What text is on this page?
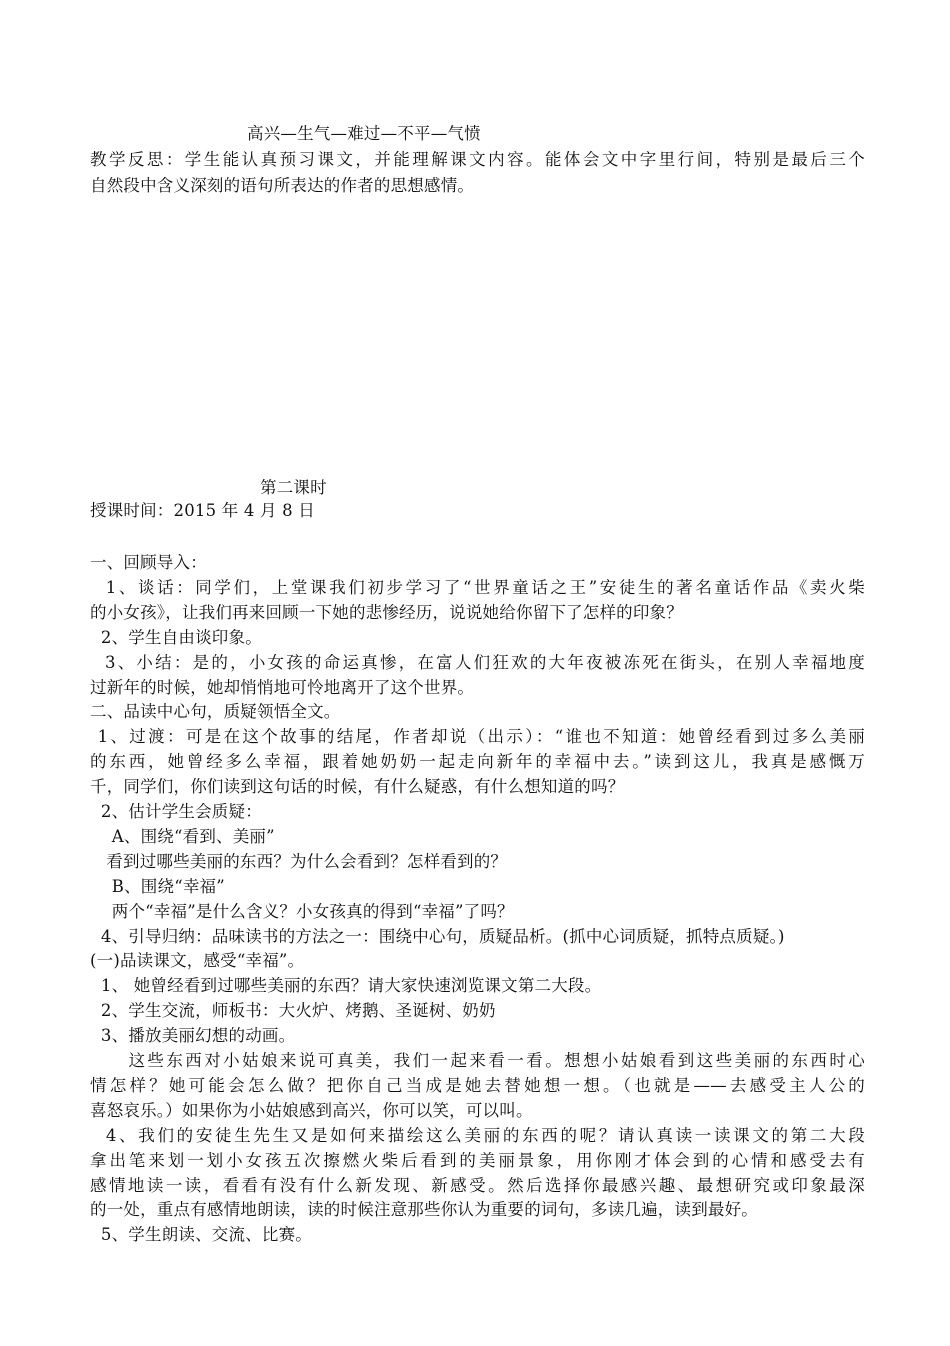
高兴—生气—难过—不平—气愤
教学反思：学生能认真预习课文，并能理解课文内容。能体会文中字里行间，特别是最后三个
自然段中含义深刻的语句所表达的作者的思想感情。
第二课时
授课时间：2015 年 4 月 8 日
一、回顾导入：
1、谈话：同学们，上堂课我们初步学习了“世界童话之王”安徒生的著名童话作品《卖火柴
的小女孩》，让我们再来回顾一下她的悲惨经历，说说她给你留下了怎样的印象？
2、学生自由谈印象。
3、小结：是的，小女孩的命运真惨，在富人们狂欢的大年夜被冻死在街头，在别人幸福地度
过新年的时候，她却悄悄地可怜地离开了这个世界。
二、品读中心句，质疑领悟全文。
1、过渡：可是在这个故事的结尾，作者却说（出示）：“谁也不知道：她曾经看到过多么美丽
的东西，她曾经多么幸福，跟着她奶奶一起走向新年的幸福中去。”读到这儿，我真是感慨万
千，同学们，你们读到这句话的时候，有什么疑惑，有什么想知道的吗？
2、估计学生会质疑：
A、围绕“看到、美丽”
看到过哪些美丽的东西？为什么会看到？怎样看到的？
B、围绕“幸福”
两个“幸福”是什么含义？小女孩真的得到“幸福”了吗？
4、引导归纳：品味读书的方法之一：围绕中心句，质疑品析。(抓中心词质疑，抓特点质疑。)
(一)品读课文，感受“幸福”。
1、 她曾经看到过哪些美丽的东西？请大家快速浏览课文第二大段。
2、学生交流，师板书：大火炉、烤鹅、圣诞树、奶奶
3、播放美丽幻想的动画。
这些东西对小姑娘来说可真美，我们一起来看一看。想想小姑娘看到这些美丽的东西时心
情怎样？她可能会怎么做？把你自己当成是她去替她想一想。（也就是——去感受主人公的
喜怒哀乐。）如果你为小姑娘感到高兴，你可以笑，可以叫。
4、我们的安徒生先生又是如何来描绘这么美丽的东西的呢？请认真读一读课文的第二大段
拿出笔来划一划小女孩五次擦燃火柴后看到的美丽景象，用你刚才体会到的心情和感受去有
感情地读一读，看看有没有什么新发现、新感受。然后选择你最感兴趣、最想研究或印象最深
的一处，重点有感情地朗读，读的时候注意那些你认为重要的词句，多读几遍，读到最好。
5、学生朗读、交流、比赛。
